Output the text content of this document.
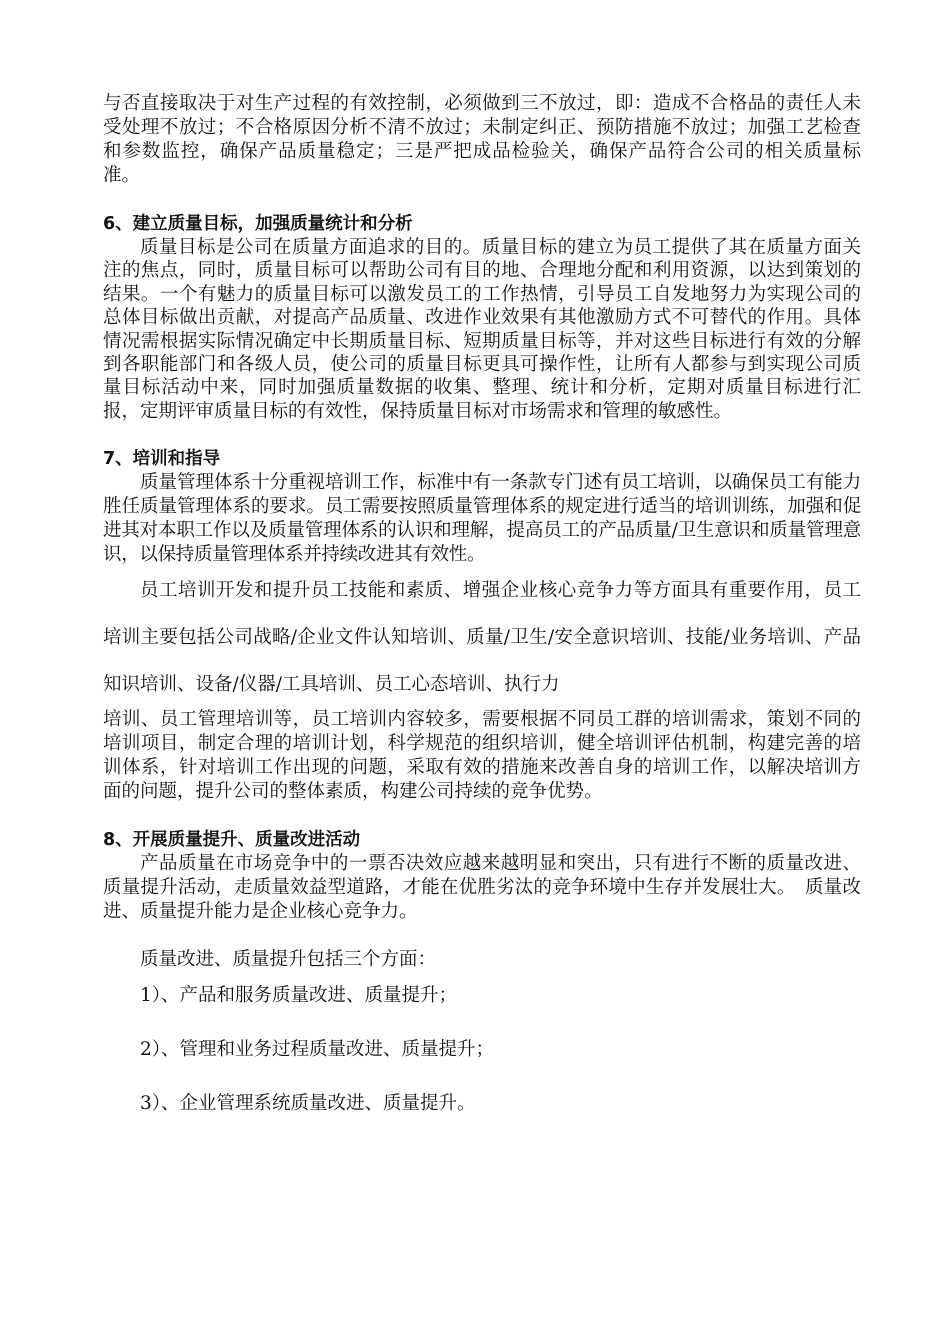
与否直接取决于对生产过程的有效控制，必须做到三不放过，即：造成不合格品的责任人未受处理不放过；不合格原因分析不清不放过；未制定纠正、预防措施不放过；加强工艺检查和参数监控，确保产品质量稳定；三是严把成品检验关，确保产品符合公司的相关质量标准。

6、建立质量目标，加强质量统计和分析

质量目标是公司在质量方面追求的目的。质量目标的建立为员工提供了其在质量方面关注的焦点，同时，质量目标可以帮助公司有目的地、合理地分配和利用资源，以达到策划的结果。一个有魅力的质量目标可以激发员工的工作热情，引导员工自发地努力为实现公司的总体目标做出贡献，对提高产品质量、改进作业效果有其他激励方式不可替代的作用。具体情况需根据实际情况确定中长期质量目标、短期质量目标等，并对这些目标进行有效的分解到各职能部门和各级人员，使公司的质量目标更具可操作性，让所有人都参与到实现公司质量目标活动中来，同时加强质量数据的收集、整理、统计和分析，定期对质量目标进行汇报，定期评审质量目标的有效性，保持质量目标对市场需求和管理的敏感性。

7、培训和指导

质量管理体系十分重视培训工作，标准中有一条款专门述有员工培训，以确保员工有能力胜任质量管理体系的要求。员工需要按照质量管理体系的规定进行适当的培训训练，加强和促进其对本职工作以及质量管理体系的认识和理解，提高员工的产品质量/卫生意识和质量管理意识，以保持质量管理体系并持续改进其有效性。

员工培训开发和提升员工技能和素质、增强企业核心竞争力等方面具有重要作用，员工培训主要包括公司战略/企业文件认知培训、质量/卫生/安全意识培训、技能/业务培训、产品知识培训、设备/仪器/工具培训、员工心态培训、执行力

培训、员工管理培训等，员工培训内容较多，需要根据不同员工群的培训需求，策划不同的培训项目，制定合理的培训计划，科学规范的组织培训，健全培训评估机制，构建完善的培训体系，针对培训工作出现的问题，采取有效的措施来改善自身的培训工作，以解决培训方面的问题，提升公司的整体素质，构建公司持续的竞争优势。

8、开展质量提升、质量改进活动

产品质量在市场竞争中的一票否决效应越来越明显和突出，只有进行不断的质量改进、质量提升活动，走质量效益型道路，才能在优胜劣汰的竞争环境中生存并发展壮大。　质量改进、质量提升能力是企业核心竞争力。

质量改进、质量提升包括三个方面：

1）、产品和服务质量改进、质量提升；

2）、管理和业务过程质量改进、质量提升；

3）、企业管理系统质量改进、质量提升。
